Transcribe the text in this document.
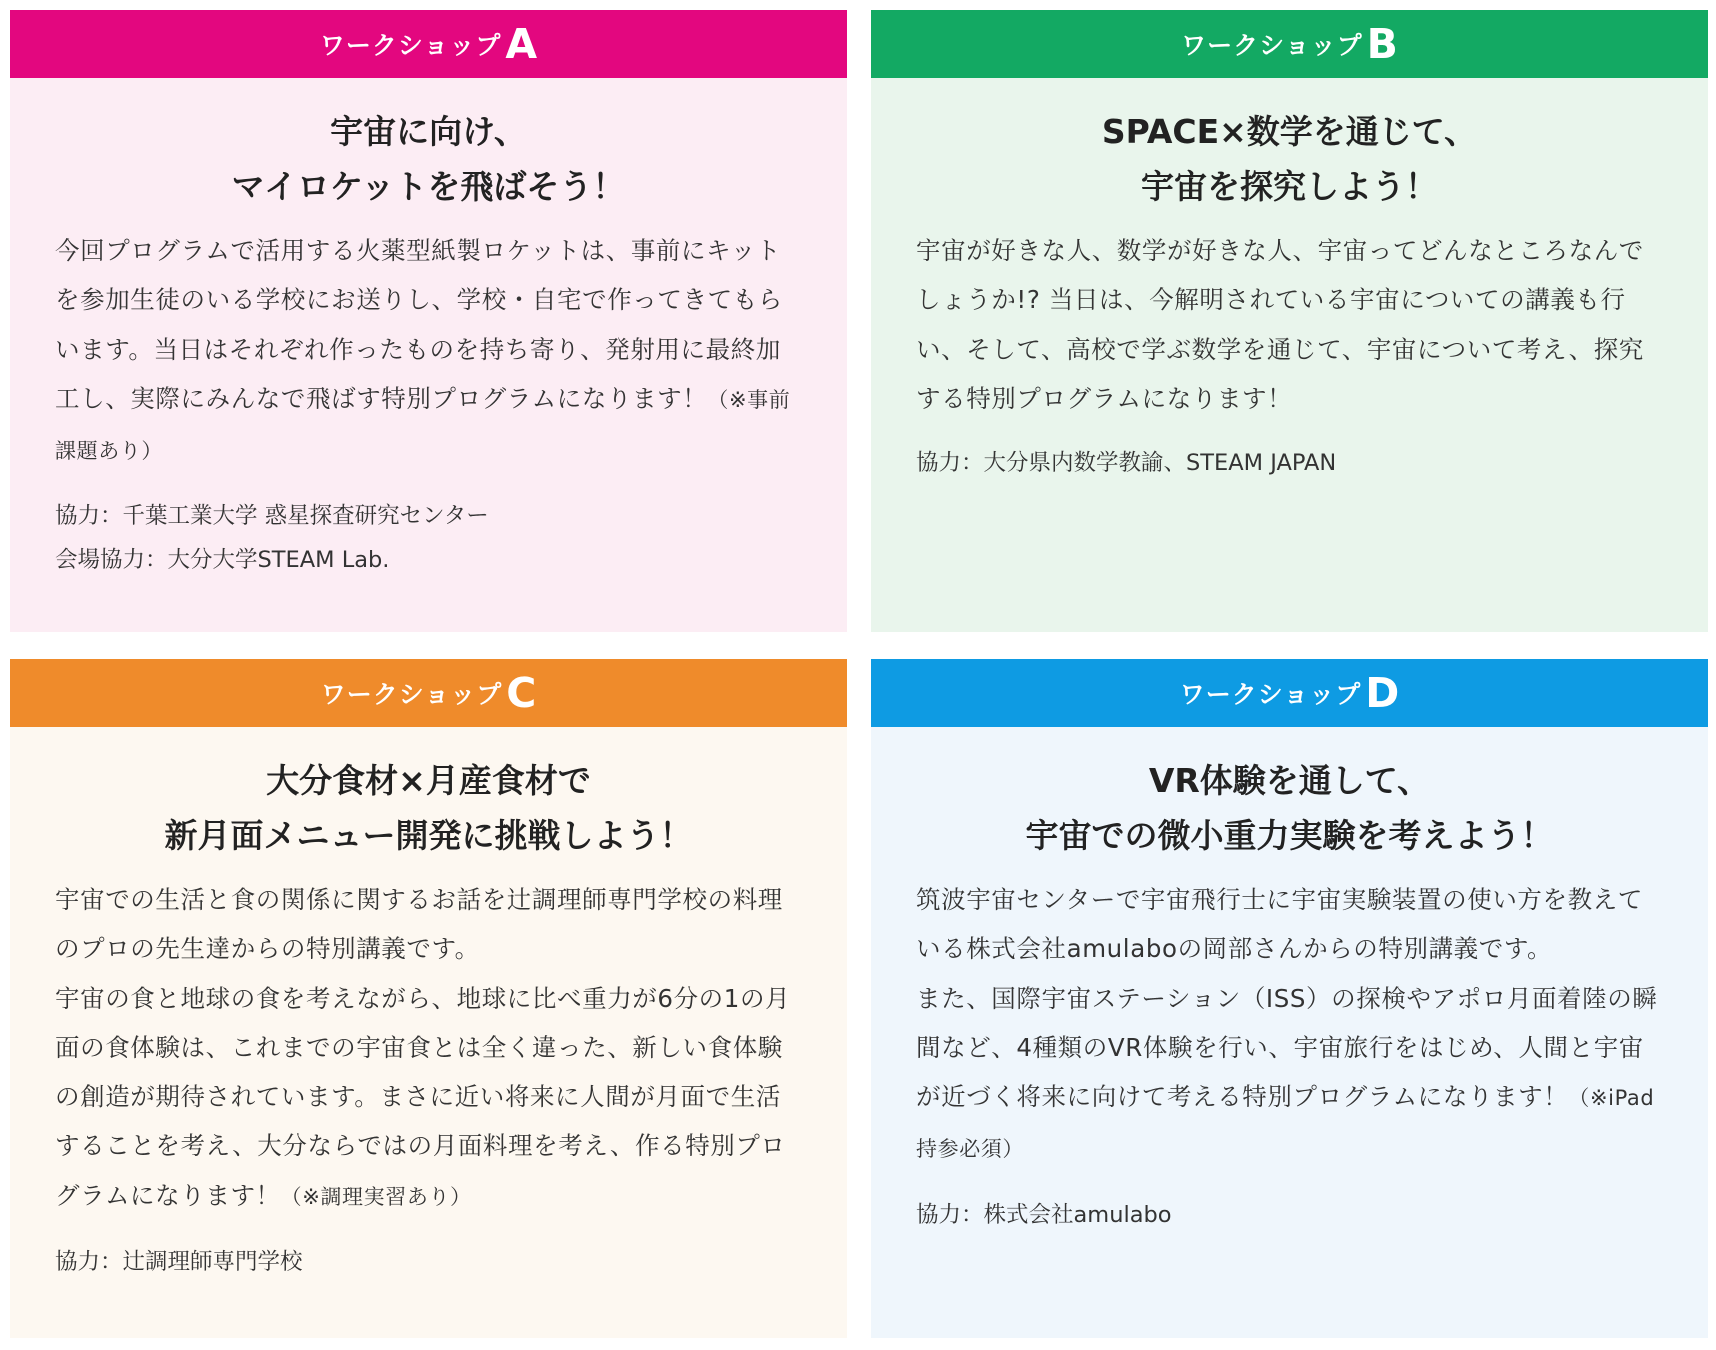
ワークショップ A
宇宙に向け、
マイロケットを飛ばそう！

今回プログラムで活用する火薬型紙製ロケットは、事前にキットを参加生徒のいる学校にお送りし、学校・自宅で作ってきてもらいます。当日はそれぞれ作ったものを持ち寄り、発射用に最終加工し、実際にみんなで飛ばす特別プログラムになります！（※事前課題あり）

協力：千葉工業大学 惑星探査研究センター
会場協力：大分大学STEAM Lab.
ワークショップ B
SPACE×数学を通じて、
宇宙を探究しよう！

宇宙が好きな人、数学が好きな人、宇宙ってどんなところなんでしょうか!? 当日は、今解明されている宇宙についての講義も行い、そして、高校で学ぶ数学を通じて、宇宙について考え、探究する特別プログラムになります！

協力：大分県内数学教諭、STEAM JAPAN
ワークショップ C
大分食材×月産食材で
新月面メニュー開発に挑戦しよう！

宇宙での生活と食の関係に関するお話を辻調理師専門学校の料理のプロの先生達からの特別講義です。

宇宙の食と地球の食を考えながら、地球に比べ重力が6分の1の月面の食体験は、これまでの宇宙食とは全く違った、新しい食体験の創造が期待されています。まさに近い将来に人間が月面で生活することを考え、大分ならではの月面料理を考え、作る特別プログラムになります！（※調理実習あり）

協力：辻調理師専門学校
ワークショップ D
VR体験を通して、
宇宙での微小重力実験を考えよう！

筑波宇宙センターで宇宙飛行士に宇宙実験装置の使い方を教えている株式会社amulaboの岡部さんからの特別講義です。

また、国際宇宙ステーション（ISS）の探検やアポロ月面着陸の瞬間など、4種類のVR体験を行い、宇宙旅行をはじめ、人間と宇宙が近づく将来に向けて考える特別プログラムになります！（※iPad持参必須）

協力：株式会社amulabo
